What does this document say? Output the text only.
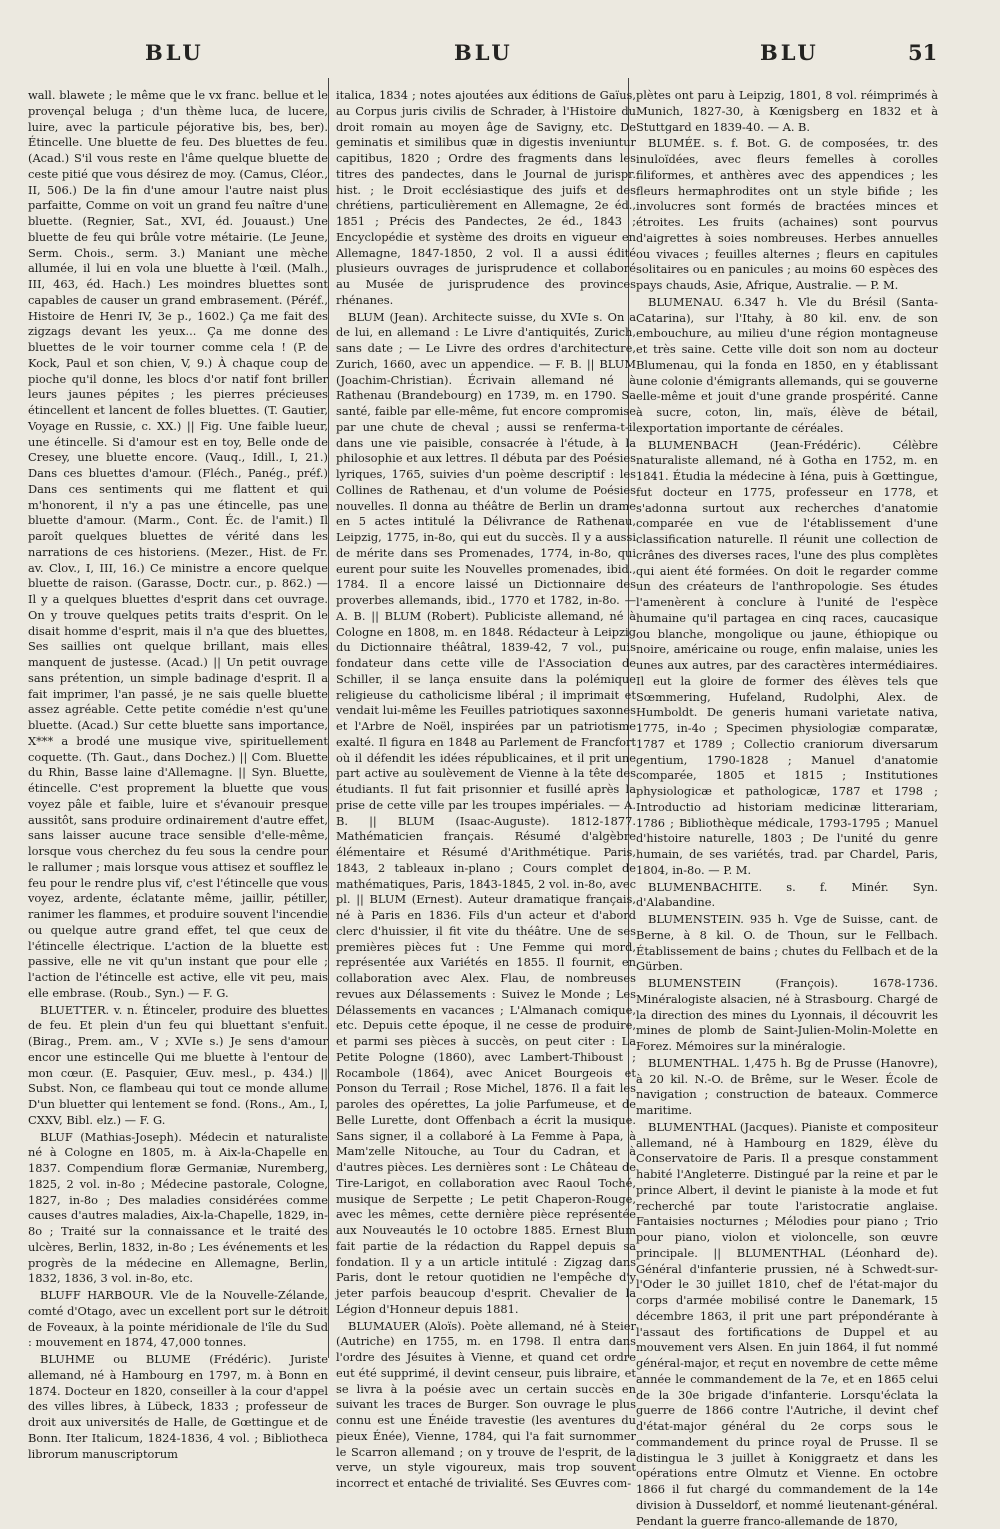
BLU	BLU	BLU	51

wall. blawete ; le même que le vx franc. bellue et le provençal beluga ; d'un thème luca, de lucere, luire, avec la particule péjorative bis, bes, ber). Étincelle. Une bluette de feu. Des bluettes de feu. (Acad.) S'il vous reste en l'âme quelque bluette de ceste pitié que vous désirez de moy. (Camus, Cléor., II, 506.) De la fin d'une amour l'autre naist plus parfaitte, Comme on voit un grand feu naître d'une bluette. (Regnier, Sat., XVI, éd. Jouaust.) Une bluette de feu qui brûle votre métairie. (Le Jeune, Serm. Chois., serm. 3.) Maniant une mèche allumée, il lui en vola une bluette à l'œil. (Malh., III, 463, éd. Hach.) Les moindres bluettes sont capables de causer un grand embrasement. (Péréf., Histoire de Henri IV, 3e p., 1602.) Ça me fait des zigzags devant les yeux... Ça me donne des bluettes de le voir tourner comme cela ! (P. de Kock, Paul et son chien, V, 9.) À chaque coup de pioche qu'il donne, les blocs d'or natif font briller leurs jaunes pépites ; les pierres précieuses étincellent et lancent de folles bluettes. (T. Gautier, Voyage en Russie, c. XX.) || Fig. Une faible lueur, une étincelle. Si d'amour est en toy, Belle onde de Cresey, une bluette encore. (Vauq., Idill., I, 21.) Dans ces bluettes d'amour. (Fléch., Panég., préf.) Dans ces sentiments qui me flattent et qui m'honorent, il n'y a pas une étincelle, pas une bluette d'amour. (Marm., Cont. Éc. de l'amit.) Il paroît quelques bluettes de vérité dans les narrations de ces historiens. (Mezer., Hist. de Fr. av. Clov., I, III, 16.) Ce ministre a encore quelque bluette de raison. (Garasse, Doctr. cur., p. 862.) — Il y a quelques bluettes d'esprit dans cet ouvrage. On y trouve quelques petits traits d'esprit. On le disait homme d'esprit, mais il n'a que des bluettes, Ses saillies ont quelque brillant, mais elles manquent de justesse. (Acad.) || Un petit ouvrage sans prétention, un simple badinage d'esprit. Il a fait imprimer, l'an passé, je ne sais quelle bluette assez agréable. Cette petite comédie n'est qu'une bluette. (Acad.) Sur cette bluette sans importance, X*** a brodé une musique vive, spirituellement coquette. (Th. Gaut., dans Dochez.) || Com. Bluette du Rhin, Basse laine d'Allemagne. || Syn. Bluette, étincelle. C'est proprement la bluette que vous voyez pâle et faible, luire et s'évanouir presque aussitôt, sans produire ordinairement d'autre effet, sans laisser aucune trace sensible d'elle-même, lorsque vous cherchez du feu sous la cendre pour le rallumer ; mais lorsque vous attisez et soufflez le feu pour le rendre plus vif, c'est l'étincelle que vous voyez, ardente, éclatante même, jaillir, pétiller, ranimer les flammes, et produire souvent l'incendie ou quelque autre grand effet, tel que ceux de l'étincelle électrique. L'action de la bluette est passive, elle ne vit qu'un instant que pour elle ; l'action de l'étincelle est active, elle vit peu, mais elle embrase. (Roub., Syn.) — F. G.

BLUETTER. v. n. Étinceler, produire des bluettes de feu. Et plein d'un feu qui bluettant s'enfuit. (Birag., Prem. am., V ; XVIe s.) Je sens d'amour encor une estincelle Qui me bluette à l'entour de mon cœur. (E. Pasquier, Œuv. mesl., p. 434.) || Subst. Non, ce flambeau qui tout ce monde allume D'un bluetter qui lentement se fond. (Rons., Am., I, CXXV, Bibl. elz.) — F. G.

BLUF (Mathias-Joseph). Médecin et naturaliste né à Cologne en 1805, m. à Aix-la-Chapelle en 1837. Compendium floræ Germaniæ, Nuremberg, 1825, 2 vol. in-8o ; Médecine pastorale, Cologne, 1827, in-8o ; Des maladies considérées comme causes d'autres maladies, Aix-la-Chapelle, 1829, in-8o ; Traité sur la connaissance et le traité des ulcères, Berlin, 1832, in-8o ; Les événements et les progrès de la médecine en Allemagne, Berlin, 1832, 1836, 3 vol. in-8o, etc.

BLUFF HARBOUR. Vle de la Nouvelle-Zélande, comté d'Otago, avec un excellent port sur le détroit de Foveaux, à la pointe méridionale de l'île du Sud : mouvement en 1874, 47,000 tonnes.

BLUHME ou BLUME (Frédéric). Juriste allemand, né à Hambourg en 1797, m. à Bonn en 1874. Docteur en 1820, conseiller à la cour d'appel des villes libres, à Lübeck, 1833 ; professeur de droit aux universités de Halle, de Gœttingue et de Bonn. Iter Italicum, 1824-1836, 4 vol. ; Bibliotheca librorum manuscriptorum

italica, 1834 ; notes ajoutées aux éditions de Gaïus, au Corpus juris civilis de Schrader, à l'Histoire du droit romain au moyen âge de Savigny, etc. De geminatis et similibus quæ in digestis inveniuntur capitibus, 1820 ; Ordre des fragments dans les titres des pandectes, dans le Journal de jurispr. hist. ; le Droit ecclésiastique des juifs et des chrétiens, particulièrement en Allemagne, 2e éd., 1851 ; Précis des Pandectes, 2e éd., 1843 ; Encyclopédie et système des droits en vigueur en Allemagne, 1847-1850, 2 vol. Il a aussi édité plusieurs ouvrages de jurisprudence et collaboré au Musée de jurisprudence des provinces rhénanes.

BLUM (Jean). Architecte suisse, du XVIe s. On a de lui, en allemand : Le Livre d'antiquités, Zurich, sans date ; — Le Livre des ordres d'architecture, Zurich, 1660, avec un appendice. — F. B. || BLUM (Joachim-Christian). Écrivain allemand né à Rathenau (Brandebourg) en 1739, m. en 1790. Sa santé, faible par elle-même, fut encore compromise par une chute de cheval ; aussi se renferma-t-il dans une vie paisible, consacrée à l'étude, à la philosophie et aux lettres. Il débuta par des Poésies lyriques, 1765, suivies d'un poème descriptif : les Collines de Rathenau, et d'un volume de Poésies nouvelles. Il donna au théâtre de Berlin un drame en 5 actes intitulé la Délivrance de Rathenau, Leipzig, 1775, in-8o, qui eut du succès. Il y a aussi de mérite dans ses Promenades, 1774, in-8o, qui eurent pour suite les Nouvelles promenades, ibid., 1784. Il a encore laissé un Dictionnaire des proverbes allemands, ibid., 1770 et 1782, in-8o. — A. B. || BLUM (Robert). Publiciste allemand, né à Cologne en 1808, m. en 1848. Rédacteur à Leipzig du Dictionnaire théâtral, 1839-42, 7 vol., puis fondateur dans cette ville de l'Association de Schiller, il se lança ensuite dans la polémique religieuse du catholicisme libéral ; il imprimait et vendait lui-même les Feuilles patriotiques saxonnes et l'Arbre de Noël, inspirées par un patriotisme exalté. Il figura en 1848 au Parlement de Francfort où il défendit les idées républicaines, et il prit une part active au soulèvement de Vienne à la tête des étudiants. Il fut fait prisonnier et fusillé après la prise de cette ville par les troupes impériales. — A. B. || BLUM (Isaac-Auguste). 1812-1877. Mathématicien français. Résumé d'algèbre élémentaire et Résumé d'Arithmétique. Paris, 1843, 2 tableaux in-plano ; Cours complet de mathématiques, Paris, 1843-1845, 2 vol. in-8o, avec pl. || BLUM (Ernest). Auteur dramatique français, né à Paris en 1836. Fils d'un acteur et d'abord clerc d'huissier, il fit vite du théâtre. Une de ses premières pièces fut : Une Femme qui mord, représentée aux Variétés en 1855. Il fournit, en collaboration avec Alex. Flau, de nombreuses revues aux Délassements : Suivez le Monde ; Les Délassements en vacances ; L'Almanach comique, etc. Depuis cette époque, il ne cesse de produire, et parmi ses pièces à succès, on peut citer : La Petite Pologne (1860), avec Lambert-Thiboust ; Rocambole (1864), avec Anicet Bourgeois et Ponson du Terrail ; Rose Michel, 1876. Il a fait les paroles des opérettes, La jolie Parfumeuse, et de Belle Lurette, dont Offenbach a écrit la musique. Sans signer, il a collaboré à La Femme à Papa, à Mam'zelle Nitouche, au Tour du Cadran, et à d'autres pièces. Les dernières sont : Le Château de Tire-Larigot, en collaboration avec Raoul Toché, musique de Serpette ; Le petit Chaperon-Rouge, avec les mêmes, cette dernière pièce représentée aux Nouveautés le 10 octobre 1885. Ernest Blum fait partie de la rédaction du Rappel depuis sa fondation. Il y a un article intitulé : Zigzag dans Paris, dont le retour quotidien ne l'empêche d'y jeter parfois beaucoup d'esprit. Chevalier de la Légion d'Honneur depuis 1881.

BLUMAUER (Aloïs). Poète allemand, né à Steier (Autriche) en 1755, m. en 1798. Il entra dans l'ordre des Jésuites à Vienne, et quand cet ordre eut été supprimé, il devint censeur, puis libraire, et se livra à la poésie avec un certain succès en suivant les traces de Burger. Son ouvrage le plus connu est une Énéide travestie (les aventures du pieux Énée), Vienne, 1784, qui l'a fait surnommer le Scarron allemand ; on y trouve de l'esprit, de la verve, un style vigoureux, mais trop souvent incorrect et entaché de trivialité. Ses Œuvres com-

plètes ont paru à Leipzig, 1801, 8 vol. réimprimés à Munich, 1827-30, à Kœnigsberg en 1832 et à Stuttgard en 1839-40. — A. B.

BLUMÉE. s. f. Bot. G. de composées, tr. des inuloïdées, avec fleurs femelles à corolles filiformes, et anthères avec des appendices ; les fleurs hermaphrodites ont un style bifide ; les involucres sont formés de bractées minces et étroites. Les fruits (achaines) sont pourvus d'aigrettes à soies nombreuses. Herbes annuelles ou vivaces ; feuilles alternes ; fleurs en capitules solitaires ou en panicules ; au moins 60 espèces des pays chauds, Asie, Afrique, Australie. — P. M.

BLUMENAU. 6.347 h. Vle du Brésil (Santa-Catarina), sur l'Itahy, à 80 kil. env. de son embouchure, au milieu d'une région montagneuse et très saine. Cette ville doit son nom au docteur Blumenau, qui la fonda en 1850, en y établissant une colonie d'émigrants allemands, qui se gouverne elle-même et jouit d'une grande prospérité. Canne à sucre, coton, lin, maïs, élève de bétail, exportation importante de céréales.

BLUMENBACH (Jean-Frédéric). Célèbre naturaliste allemand, né à Gotha en 1752, m. en 1841. Étudia la médecine à Iéna, puis à Gœttingue, fut docteur en 1775, professeur en 1778, et s'adonna surtout aux recherches d'anatomie comparée en vue de l'établissement d'une classification naturelle. Il réunit une collection de crânes des diverses races, l'une des plus complètes qui aient été formées. On doit le regarder comme un des créateurs de l'anthropologie. Ses études l'amenèrent à conclure à l'unité de l'espèce humaine qu'il partagea en cinq races, caucasique ou blanche, mongolique ou jaune, éthiopique ou noire, américaine ou rouge, enfin malaise, unies les unes aux autres, par des caractères intermédiaires. Il eut la gloire de former des élèves tels que Sœmmering, Hufeland, Rudolphi, Alex. de Humboldt. De generis humani varietate nativa, 1775, in-4o ; Specimen physiologiæ comparatæ, 1787 et 1789 ; Collectio craniorum diversarum gentium, 1790-1828 ; Manuel d'anatomie comparée, 1805 et 1815 ; Institutiones physiologicæ et pathologicæ, 1787 et 1798 ; Introductio ad historiam medicinæ litterariam, 1786 ; Bibliothèque médicale, 1793-1795 ; Manuel d'histoire naturelle, 1803 ; De l'unité du genre humain, de ses variétés, trad. par Chardel, Paris, 1804, in-8o. — P. M.

BLUMENBACHITE. s. f. Minér. Syn. d'Alabandine.

BLUMENSTEIN. 935 h. Vge de Suisse, cant. de Berne, à 8 kil. O. de Thoun, sur le Fellbach. Établissement de bains ; chutes du Fellbach et de la Gürben.

BLUMENSTEIN (François). 1678-1736. Minéralogiste alsacien, né à Strasbourg. Chargé de la direction des mines du Lyonnais, il découvrit les mines de plomb de Saint-Julien-Molin-Molette en Forez. Mémoires sur la minéralogie.

BLUMENTHAL. 1,475 h. Bg de Prusse (Hanovre), à 20 kil. N.-O. de Brême, sur le Weser. École de navigation ; construction de bateaux. Commerce maritime.

BLUMENTHAL (Jacques). Pianiste et compositeur allemand, né à Hambourg en 1829, élève du Conservatoire de Paris. Il a presque constamment habité l'Angleterre. Distingué par la reine et par le prince Albert, il devint le pianiste à la mode et fut recherché par toute l'aristocratie anglaise. Fantaisies nocturnes ; Mélodies pour piano ; Trio pour piano, violon et violoncelle, son œuvre principale. || BLUMENTHAL (Léonhard de). Général d'infanterie prussien, né à Schwedt-sur-l'Oder le 30 juillet 1810, chef de l'état-major du corps d'armée mobilisé contre le Danemark, 15 décembre 1863, il prit une part prépondérante à l'assaut des fortifications de Duppel et au mouvement vers Alsen. En juin 1864, il fut nommé général-major, et reçut en novembre de cette même année le commandement de la 7e, et en 1865 celui de la 30e brigade d'infanterie. Lorsqu'éclata la guerre de 1866 contre l'Autriche, il devint chef d'état-major général du 2e corps sous le commandement du prince royal de Prusse. Il se distingua le 3 juillet à Koniggraetz et dans les opérations entre Olmutz et Vienne. En octobre 1866 il fut chargé du commandement de la 14e division à Dusseldorf, et nommé lieutenant-général. Pendant la guerre franco-allemande de 1870,
